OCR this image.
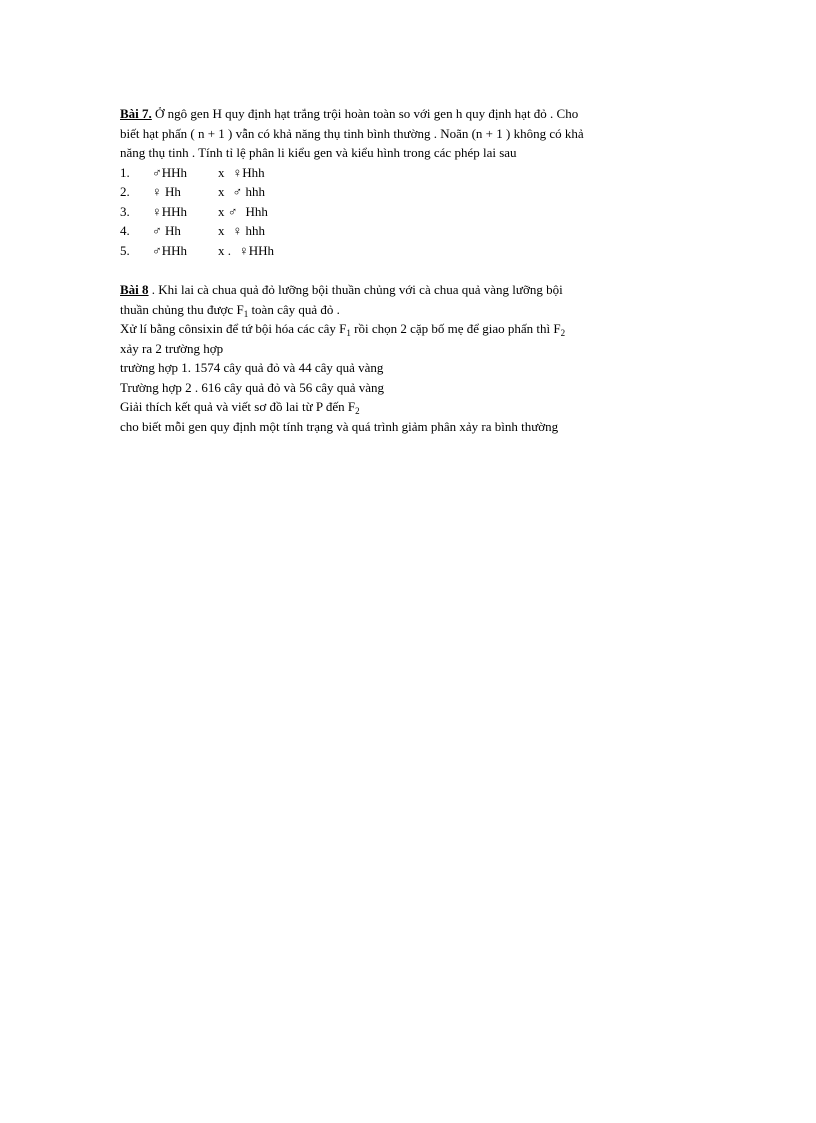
Bài 7. Ở ngô gen H quy định hạt trắng trội hoàn toàn so với gen h quy định hạt đỏ . Cho
biết hạt phấn ( n + 1 ) vẫn có khả năng thụ tinh bình thường . Noãn (n + 1 ) không có khả
năng thụ tinh . Tính tỉ lệ phân li kiểu gen và kiểu hình trong các phép lai sau
1.	♂HHh	x ♀Hhh
2.	♀ Hh	x ♂ hhh
3.	♀HHh	x ♂ Hhh
4.	♂ Hh	x ♀ hhh
5.	♂HHh	x . ♀HHh
Bài 8 . Khi lai cà chua quả đỏ lưỡng bội thuần chủng với cà chua quả vàng lưỡng bội
thuần chủng thu được $F_1$ toàn cây quả đỏ .
Xử lí bằng cônsixin để tứ bội hóa các cây $F_1$ rồi chọn 2 cặp bố mẹ để giao phấn thì $F_2$
xảy ra 2 trường hợp
trường hợp 1. 1574 cây quả đỏ và 44 cây quả vàng
Trường hợp 2 . 616 cây quả đỏ và 56 cây quả vàng
Giải thích kết quả và viết sơ đồ lai từ P đến $F_2$
cho biết mỗi gen quy định một tính trạng và quá trình giảm phân xảy ra bình thường
